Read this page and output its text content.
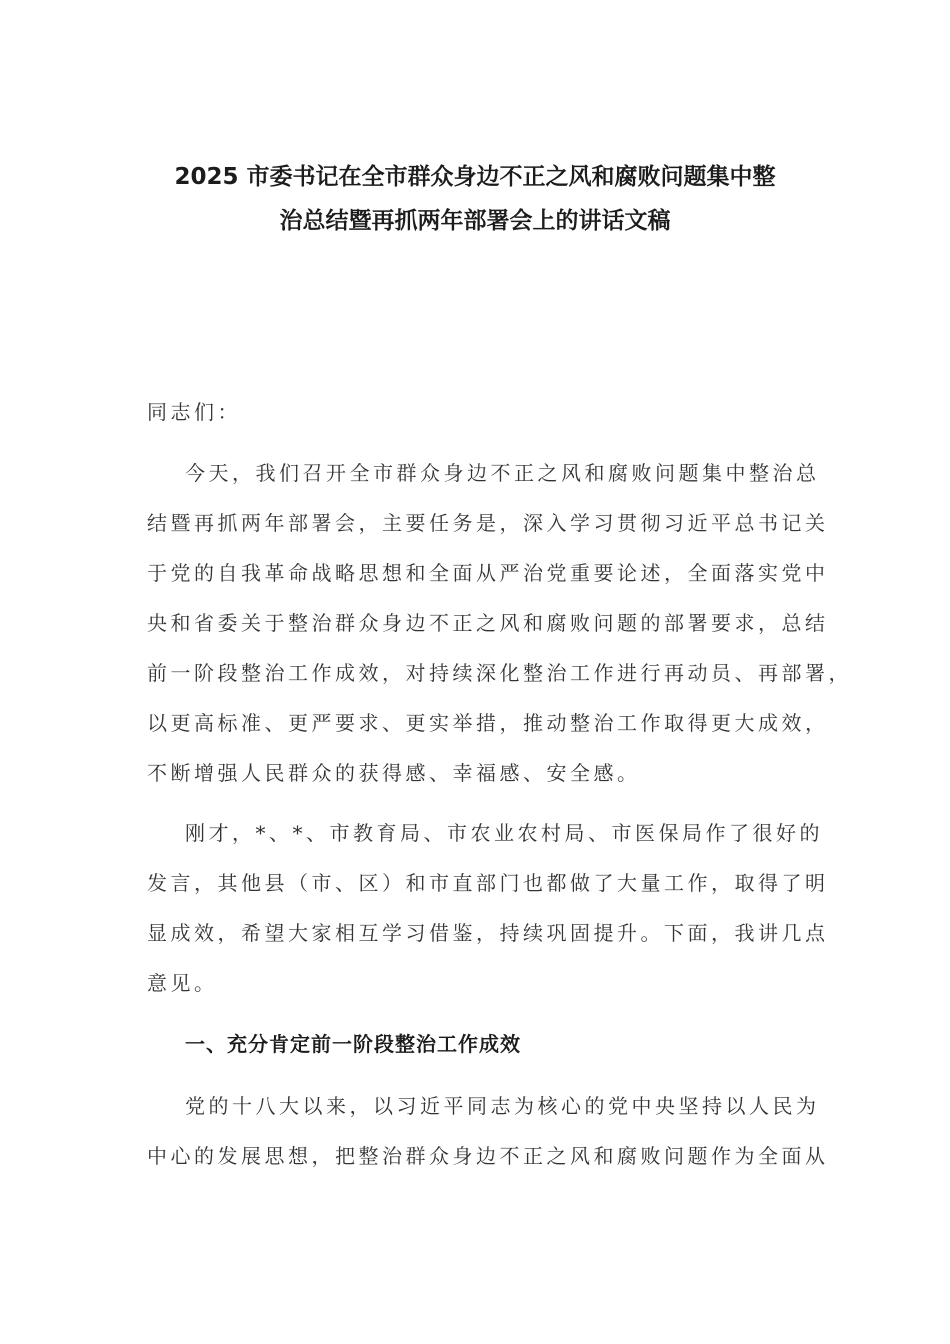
2025 市委书记在全市群众身边不正之风和腐败问题集中整
治总结暨再抓两年部署会上的讲话文稿

同志们：

今天，我们召开全市群众身边不正之风和腐败问题集中整治总

结暨再抓两年部署会，主要任务是，深入学习贯彻习近平总书记关

于党的自我革命战略思想和全面从严治党重要论述，全面落实党中

央和省委关于整治群众身边不正之风和腐败问题的部署要求，总结

前一阶段整治工作成效，对持续深化整治工作进行再动员、再部署，

以更高标准、更严要求、更实举措，推动整治工作取得更大成效，

不断增强人民群众的获得感、幸福感、安全感。

刚才，*、*、市教育局、市农业农村局、市医保局作了很好的

发言，其他县（市、区）和市直部门也都做了大量工作，取得了明

显成效，希望大家相互学习借鉴，持续巩固提升。下面，我讲几点

意见。

一、充分肯定前一阶段整治工作成效

党的十八大以来，以习近平同志为核心的党中央坚持以人民为

中心的发展思想，把整治群众身边不正之风和腐败问题作为全面从
